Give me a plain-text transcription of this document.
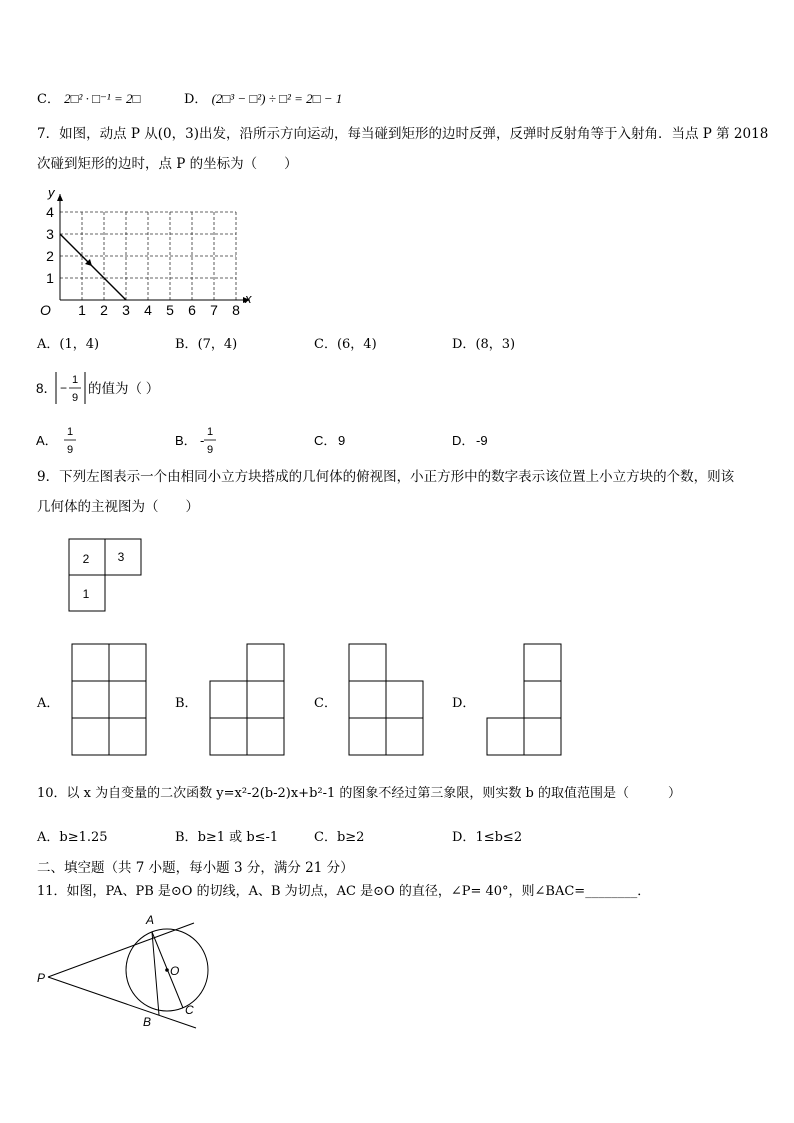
C． 2□² · □⁻¹ = 2□	D． (2□³ − □²) ÷ □² = 2□ − 1
7．如图，动点 P 从(0，3)出发，沿所示方向运动，每当碰到矩形的边时反弹，反弹时反射角等于入射角．当点 P 第 2018
次碰到矩形的边时，点 P 的坐标为（　　）
y
x
O 1 2 3 4 5 6 7 8
1
2
3
4
A．(1，4)	B．(7，4)	C．(6，4)	D．(8，3)
8． −
1
9
的值为（ ）
A．
1
9
B． -
1
9
C． 9	D． -9
9．下列左图表示一个由相同小立方块搭成的几何体的俯视图，小正方形中的数字表示该位置上小立方块的个数，则该
几何体的主视图为（　　）
2 3
1
A．	B．	C．	D．
10．以 x 为自变量的二次函数 y=x²-2(b-2)x+b²-1 的图象不经过第三象限，则实数 b 的取值范围是（　　　）
A．b≥1.25	B．b≥1 或 b≤-1	C．b≥2	D．1≤b≤2
二、填空题（共 7 小题，每小题 3 分，满分 21 分）
11．如图，PA、PB 是⊙O 的切线，A、B 为切点，AC 是⊙O 的直径，∠P= 40°，则∠BAC=________．
A
B
C
O
P
